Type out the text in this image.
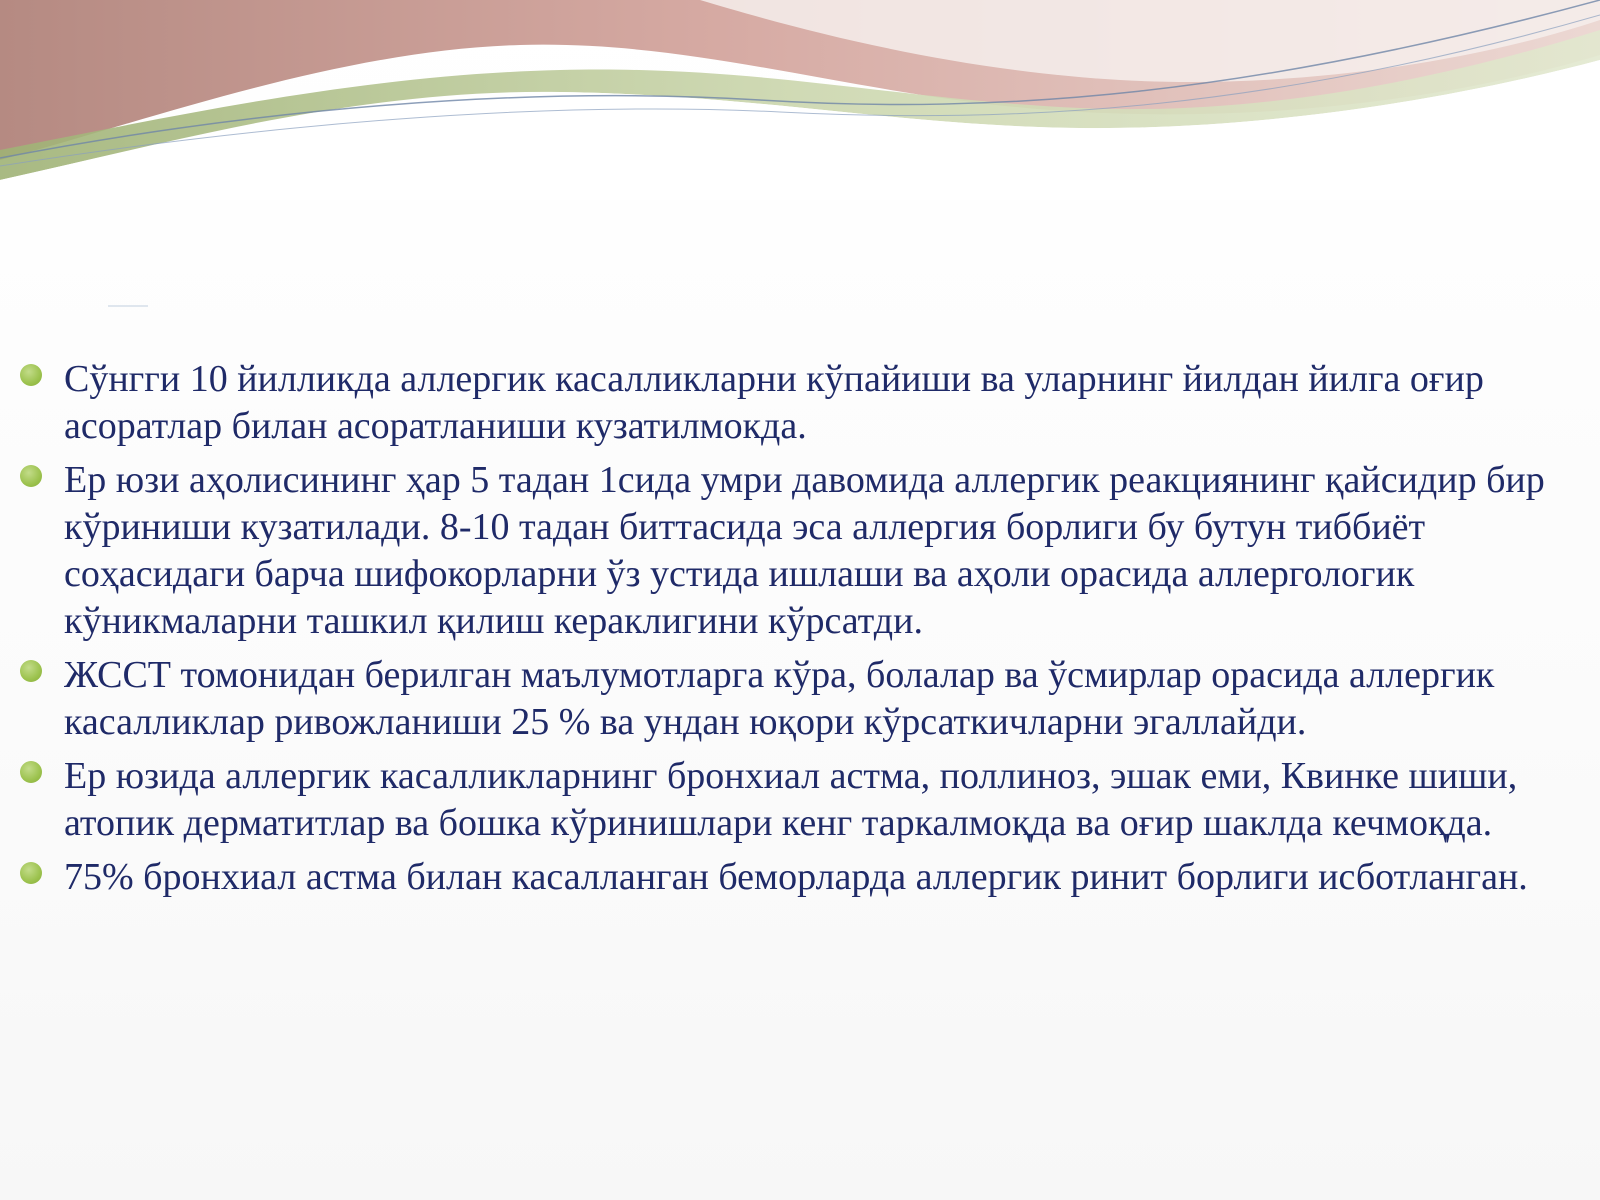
Сўнгги 10 йилликда аллергик касалликларни кўпайиши ва уларнинг йилдан йилга оғир асоратлар билан асоратланиши кузатилмокда.
Ер юзи аҳолисининг ҳар 5 тадан 1сида умри давомида аллергик реакциянинг қайсидир бир кўриниши кузатилади. 8-10 тадан биттасида эса аллергия борлиги бу бутун тиббиёт соҳасидаги барча шифокорларни ўз устида ишлаши ва аҳоли орасида аллергологик кўникмаларни ташкил қилиш кераклигини кўрсатди.
ЖССТ томонидан берилган маълумотларга кўра, болалар ва ўсмирлар орасида аллергик касалликлар ривожланиши 25 % ва ундан юқори кўрсаткичларни эгаллайди.
Ер юзида аллергик касалликларнинг бронхиал астма, поллиноз, эшак еми, Квинке шиши, атопик дерматитлар ва бошка кўринишлари кенг таркалмоқда ва оғир шаклда кечмоқда.
75% бронхиал астма билан касалланган беморларда аллергик ринит борлиги исботланган.
